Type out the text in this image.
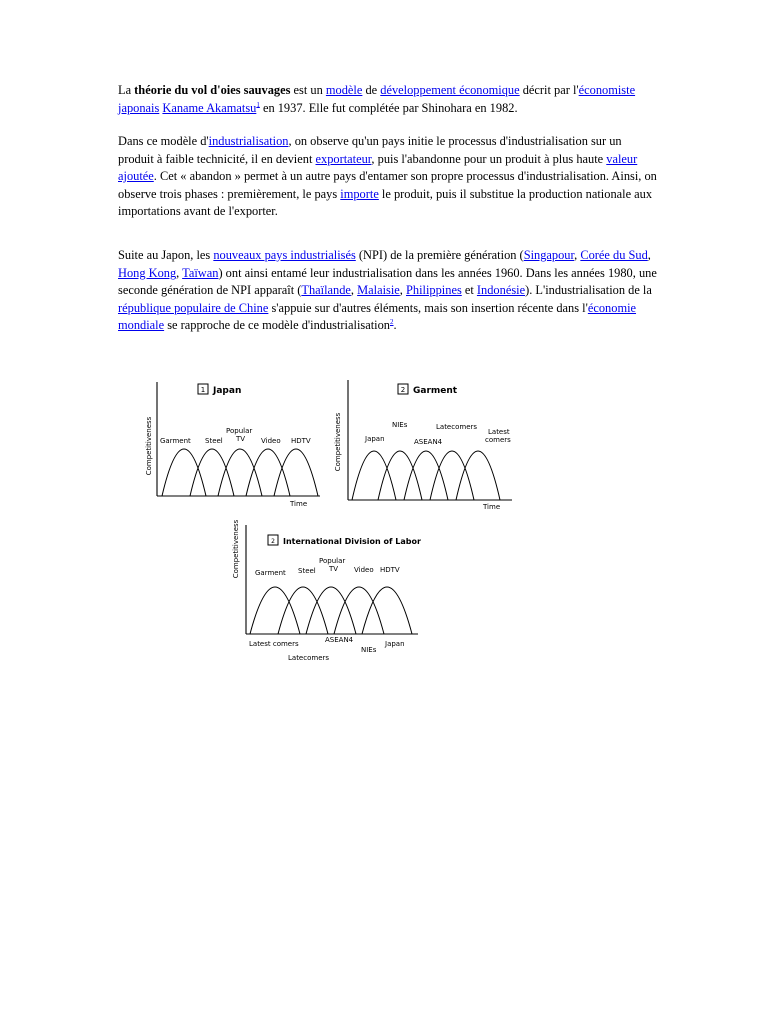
La théorie du vol d'oies sauvages est un modèle de développement économique décrit par l'économiste japonais Kaname Akamatsu$^1$ en 1937. Elle fut complétée par Shinohara en 1982.

Dans ce modèle d'industrialisation, on observe qu'un pays initie le processus d'industrialisation sur un produit à faible technicité, il en devient exportateur, puis l'abandonne pour un produit à plus haute valeur ajoutée. Cet « abandon » permet à un autre pays d'entamer son propre processus d'industrialisation. Ainsi, on observe trois phases : premièrement, le pays importe le produit, puis il substitue la production nationale aux importations avant de l'exporter.

Suite au Japon, les nouveaux pays industrialisés (NPI) de la première génération (Singapour, Corée du Sud, Hong Kong, Taïwan) ont ainsi entamé leur industrialisation dans les années 1960. Dans les années 1980, une seconde génération de NPI apparaît (Thaïlande, Malaisie, Philippines et Indonésie). L'industrialisation de la république populaire de Chine s'appuie sur d'autres éléments, mais son insertion récente dans l'économie mondiale se rapproche de ce modèle d'industrialisation$^2$.

1 Japan
Competitiveness
Time
Garment Steel
Popular
TV Video HDTV
2 Garment
Competitiveness
Time
NIEs	Latecomers
Latest
comers
Japan	ASEAN4
2 International Division of Labor
Competitiveness	Popular
Garment Steel TV Video HDTV
Latest comers	ASEAN4	Japan
NIEs
Latecomers
